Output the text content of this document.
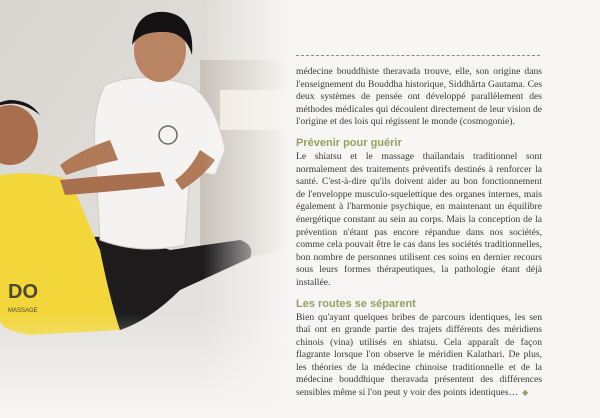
médecine bouddhiste theravada trouve, elle, son origine dans l'enseignement du Bouddha historique, Siddhârta Gautama. Ces deux systèmes de pensée ont développé parallèlement des méthodes médicales qui découlent directement de leur vision de l'origine et des lois qui régissent le monde (cosmogonie).

Prévenir pour guérir

Le shiatsu et le massage thaïlandais traditionnel sont normalement des traitements préventifs destinés à renforcer la santé. C'est-à-dire qu'ils doivent aider au bon fonctionnement de l'enveloppe musculo-squelettique des organes internes, mais également à l'harmonie psychique, en maintenant un équilibre énergétique constant au sein au corps. Mais la conception de la prévention n'étant pas encore répandue dans nos sociétés, comme cela pouvait être le cas dans les sociétés traditionnelles, bon nombre de personnes utilisent ces soins en dernier recours sous leurs formes thérapeutiques, la pathologie étant déjà installée.

Les routes se séparent

Bien qu'ayant quelques bribes de parcours identiques, les sen thaï ont en grande partie des trajets différents des méridiens chinois (vina) utilisés en shiatsu. Cela apparaît de façon flagrante lorsque l'on observe le méridien Kalathari. De plus, les théories de la médecine chinoise traditionnelle et de la médecine bouddhique theravada présentent des différences sensibles même si l'on peut y voir des points identiques… ◆
